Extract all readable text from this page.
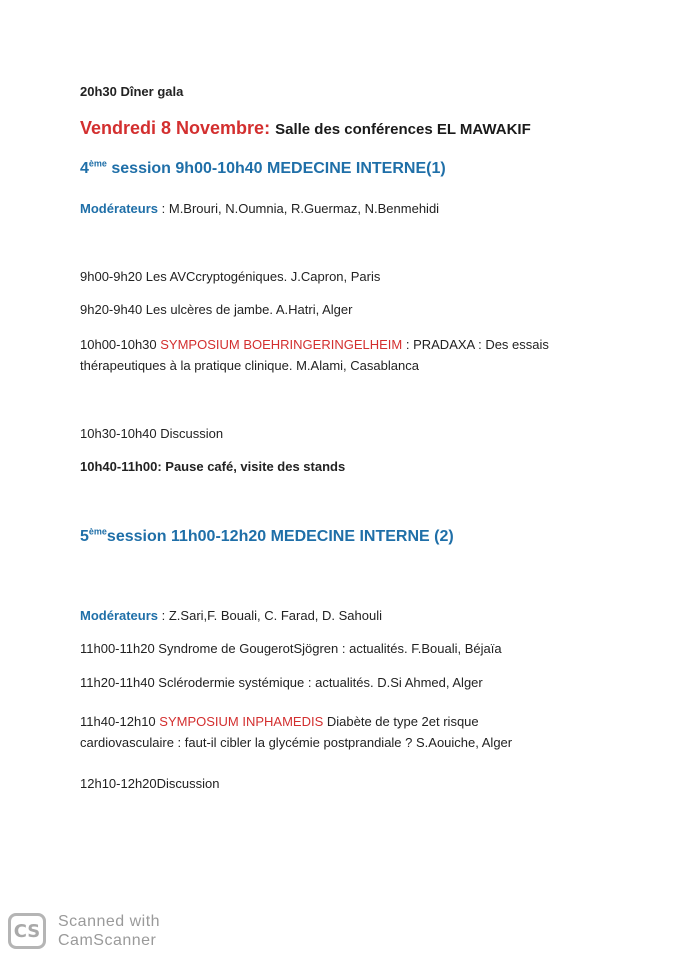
20h30 Dîner gala
Vendredi 8 Novembre: Salle des conférences EL MAWAKIF
4ème session 9h00-10h40 MEDECINE INTERNE(1)
Modérateurs : M.Brouri, N.Oumnia, R.Guermaz, N.Benmehidi
9h00-9h20 Les AVCcryptogéniques. J.Capron, Paris
9h20-9h40 Les ulcères de jambe. A.Hatri, Alger
10h00-10h30 SYMPOSIUM BOEHRINGERINGELHEIM : PRADAXA : Des essais
thérapeutiques à la pratique clinique. M.Alami, Casablanca
10h30-10h40 Discussion
10h40-11h00: Pause café, visite des stands
5èmesession 11h00-12h20 MEDECINE INTERNE (2)
Modérateurs : Z.Sari,F. Bouali, C. Farad, D. Sahouli
11h00-11h20 Syndrome de GougerotSjögren : actualités. F.Bouali, Béjaïa
11h20-11h40 Sclérodermie systémique : actualités. D.Si Ahmed, Alger
11h40-12h10 SYMPOSIUM INPHAMEDIS Diabète de type 2et risque
cardiovasculaire : faut-il cibler la glycémie postprandiale ? S.Aouiche, Alger
12h10-12h20Discussion
CS	Scanned with
CamScanner
